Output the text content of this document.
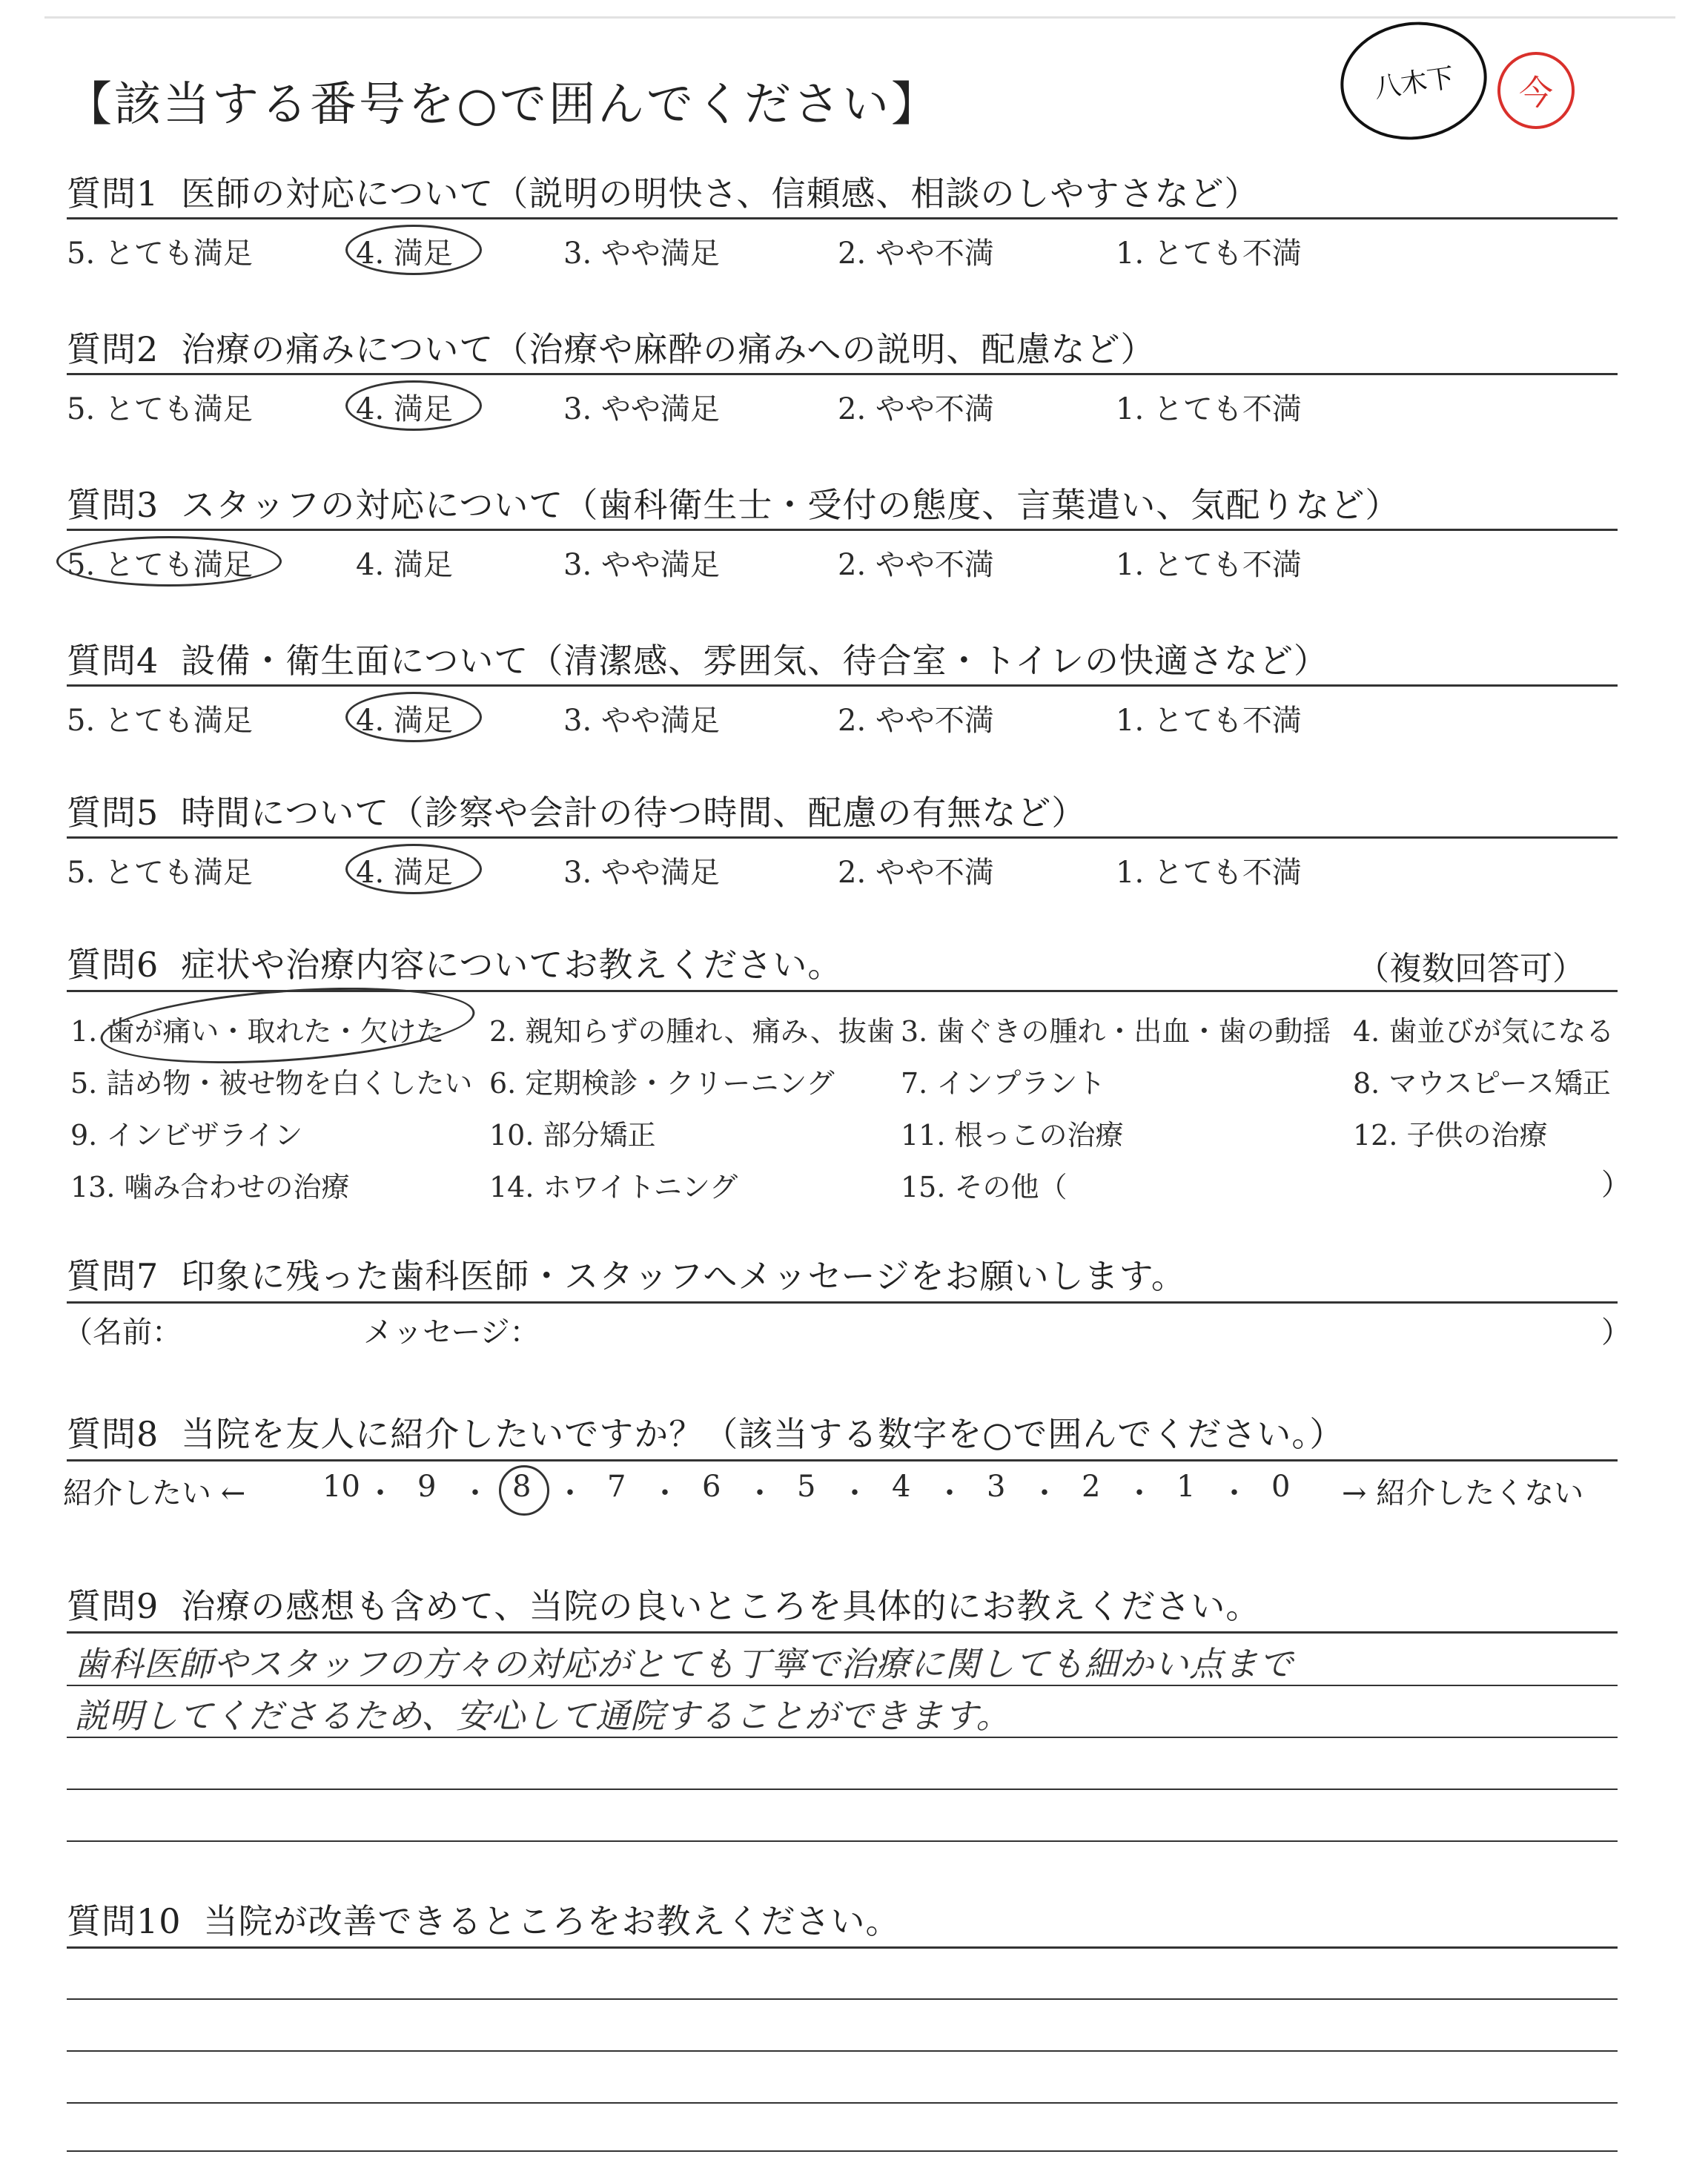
【該当する番号を○で囲んでください】	八木下 今
質問1 医師の対応について（説明の明快さ、信頼感、相談のしやすさなど）
5. とても満足	4. 満足	3. やや満足	2. やや不満	1. とても不満
質問2 治療の痛みについて（治療や麻酔の痛みへの説明、配慮など）
5. とても満足	4. 満足	3. やや満足	2. やや不満	1. とても不満
質問3 スタッフの対応について（歯科衛生士・受付の態度、言葉遣い、気配りなど）
5. とても満足	4. 満足	3. やや満足	2. やや不満	1. とても不満
質問4 設備・衛生面について（清潔感、雰囲気、待合室・トイレの快適さなど）
5. とても満足	4. 満足	3. やや満足	2. やや不満	1. とても不満
質問5 時間について（診察や会計の待つ時間、配慮の有無など）
5. とても満足	4. 満足	3. やや満足	2. やや不満	1. とても不満
質問6 症状や治療内容についてお教えください。	（複数回答可）
1. 歯が痛い・取れた・欠けた 2. 親知らずの腫れ、痛み、抜歯 3. 歯ぐきの腫れ・出血・歯の動揺 4. 歯並びが気になる
5. 詰め物・被せ物を白くしたい 6. 定期検診・クリーニング 7. インプラント	8. マウスピース矯正
9. インビザライン	10. 部分矯正	11. 根っこの治療	12. 子供の治療
13. 噛み合わせの治療	14. ホワイトニング	15. その他（	）
質問7 印象に残った歯科医師・スタッフへメッセージをお願いします。
（名前：	メッセージ：	）
質問8 当院を友人に紹介したいですか？（該当する数字を○で囲んでください。）
紹介したい ←	→ 紹介したくない
10 ・ 9 ・ 8 ・ 7 ・ 6 ・ 5 ・ 4 ・ 3 ・ 2 ・ 1 ・ 0
質問9 治療の感想も含めて、当院の良いところを具体的にお教えください。
歯科医師やスタッフの方々の対応がとても丁寧で治療に関しても細かい点まで
説明してくださるため、安心して通院することができます。
質問10 当院が改善できるところをお教えください。
